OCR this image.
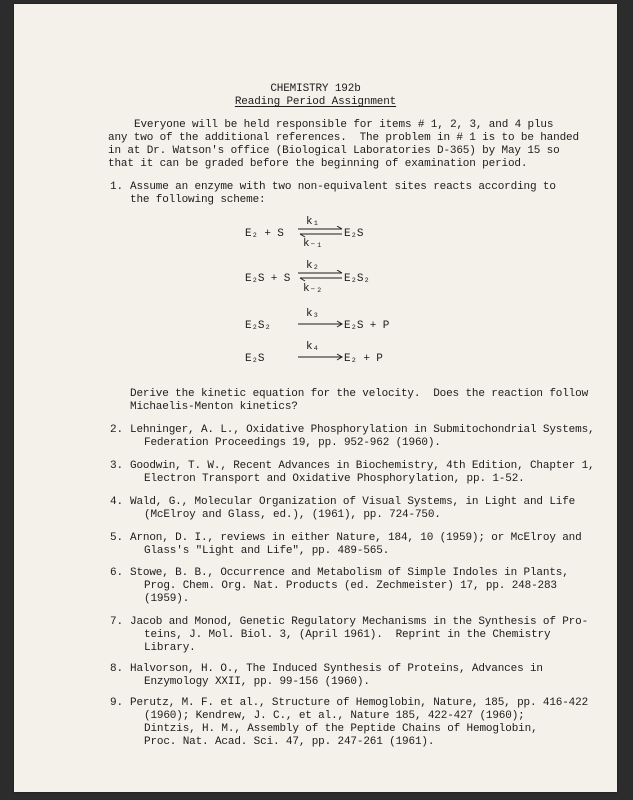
CHEMISTRY 192b
Reading Period Assignment
Everyone will be held responsible for items # 1, 2, 3, and 4 plus
any two of the additional references.  The problem in # 1 is to be handed
in at Dr. Watson's office (Biological Laboratories D-365) by May 15 so
that it can be graded before the beginning of examination period.
1. Assume an enzyme with two non-equivalent sites reacts according to
the following scheme:
E₂ + S
k₁
k₋₁
E₂S
E₂S + S
k₂
k₋₂
E₂S₂
E₂S₂
k₃
E₂S + P
E₂S
k₄
E₂ + P
Derive the kinetic equation for the velocity.  Does the reaction follow
Michaelis-Menton kinetics?
2. Lehninger, A. L., Oxidative Phosphorylation in Submitochondrial Systems,
Federation Proceedings 19, pp. 952-962 (1960).
3. Goodwin, T. W., Recent Advances in Biochemistry, 4th Edition, Chapter 1,
Electron Transport and Oxidative Phosphorylation, pp. 1-52.
4. Wald, G., Molecular Organization of Visual Systems, in Light and Life
(McElroy and Glass, ed.), (1961), pp. 724-750.
5. Arnon, D. I., reviews in either Nature, 184, 10 (1959); or McElroy and
Glass's "Light and Life", pp. 489-565.
6. Stowe, B. B., Occurrence and Metabolism of Simple Indoles in Plants,
Prog. Chem. Org. Nat. Products (ed. Zechmeister) 17, pp. 248-283
(1959).
7. Jacob and Monod, Genetic Regulatory Mechanisms in the Synthesis of Pro-
teins, J. Mol. Biol. 3, (April 1961).  Reprint in the Chemistry
Library.
8. Halvorson, H. O., The Induced Synthesis of Proteins, Advances in
Enzymology XXII, pp. 99-156 (1960).
9. Perutz, M. F. et al., Structure of Hemoglobin, Nature, 185, pp. 416-422
(1960); Kendrew, J. C., et al., Nature 185, 422-427 (1960);
Dintzis, H. M., Assembly of the Peptide Chains of Hemoglobin,
Proc. Nat. Acad. Sci. 47, pp. 247-261 (1961).
